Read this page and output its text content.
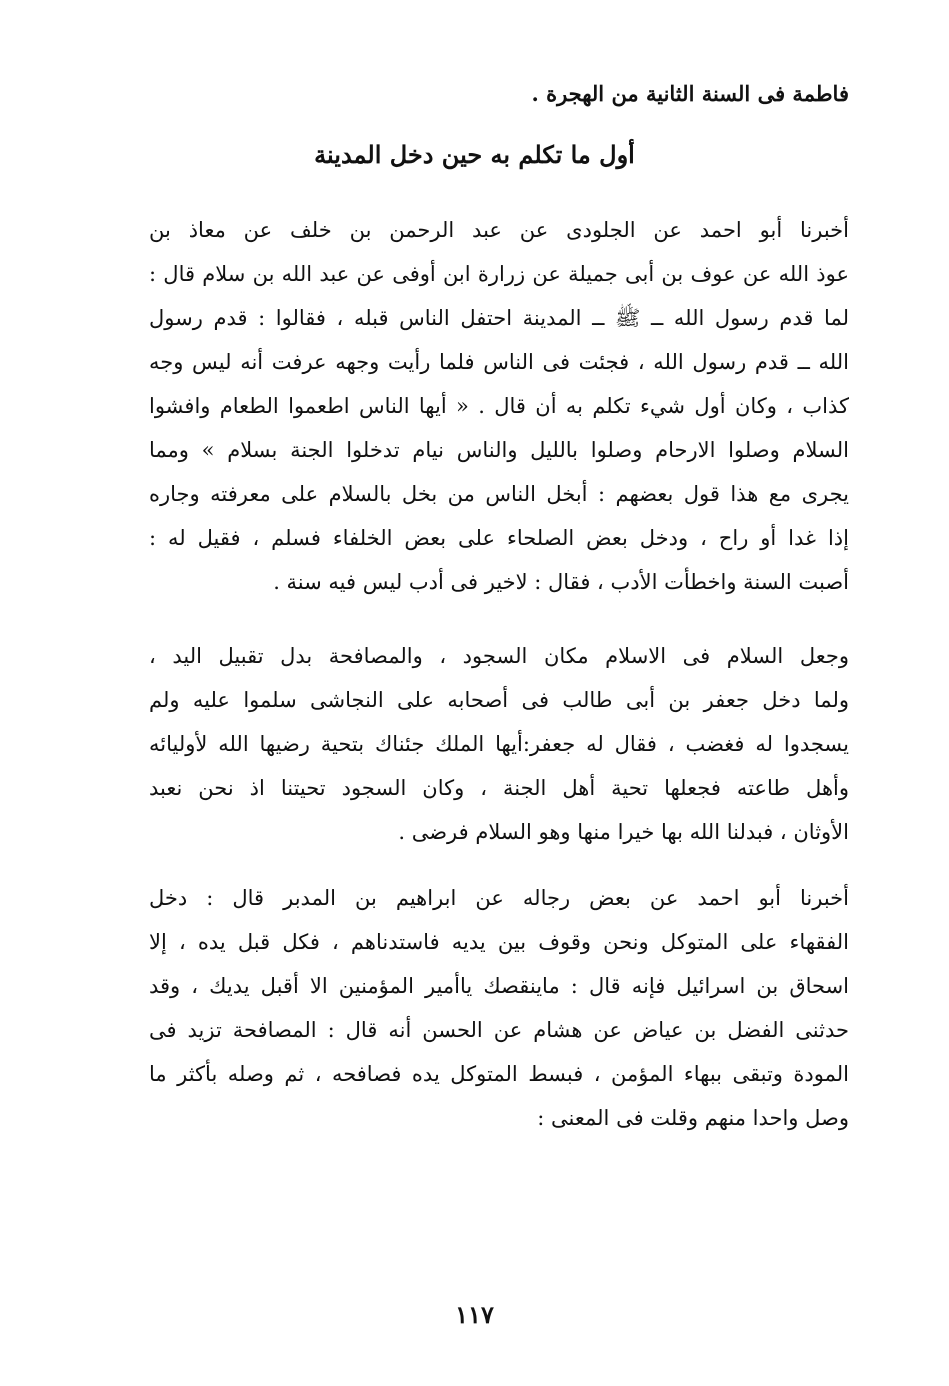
فاطمة فى السنة الثانية من الهجرة .
أول ما تكلم به حين دخل المدينة
أخبرنا أبو احمد عن الجلودى عن عبد الرحمن بن خلف عن معاذ بن
عوذ الله عن عوف بن أبى جميلة عن زرارة ابن أوفى عن عبد الله بن سلام قال :
لما قدم رسول الله ــ ﷺ ــ المدينة احتفل الناس قبله ، فقالوا : قدم رسول
الله ــ قدم رسول الله ، فجئت فى الناس فلما رأيت وجهه عرفت أنه ليس وجه
كذاب ، وكان أول شيء تكلم به أن قال . « أيها الناس اطعموا الطعام وافشوا
السلام وصلوا الارحام وصلوا بالليل والناس نيام تدخلوا الجنة بسلام » ومما
يجرى مع هذا قول بعضهم : أبخل الناس من بخل بالسلام على معرفته وجاره
إذا غدا أو راح ، ودخل بعض الصلحاء على بعض الخلفاء فسلم ، فقيل له :
أصبت السنة واخطأت الأدب ، فقال : لاخير فى أدب ليس فيه سنة .
وجعل السلام فى الاسلام مكان السجود ، والمصافحة بدل تقبيل اليد ،
ولما دخل جعفر بن أبى طالب فى أصحابه على النجاشى سلموا عليه ولم
يسجدوا له فغضب ، فقال له جعفر:أيها الملك جئناك بتحية رضيها الله لأوليائه
وأهل طاعته فجعلها تحية أهل الجنة ، وكان السجود تحيتنا اذ نحن نعبد
الأوثان ، فبدلنا الله بها خيرا منها وهو السلام فرضى .
أخبرنا أبو احمد عن بعض رجاله عن ابراهيم بن المدبر قال : دخل
الفقهاء على المتوكل ونحن وقوف بين يديه فاستدناهم ، فكل قبل يده ، إلا
اسحاق بن اسرائيل فإنه قال : ماينقصك ياأمير المؤمنين الا أقبل يديك ، وقد
حدثنى الفضل بن عياض عن هشام عن الحسن أنه قال : المصافحة تزيد فى
المودة وتبقى ببهاء المؤمن ، فبسط المتوكل يده فصافحه ، ثم وصله بأكثر ما
وصل واحدا منهم وقلت فى المعنى :
١١٧
